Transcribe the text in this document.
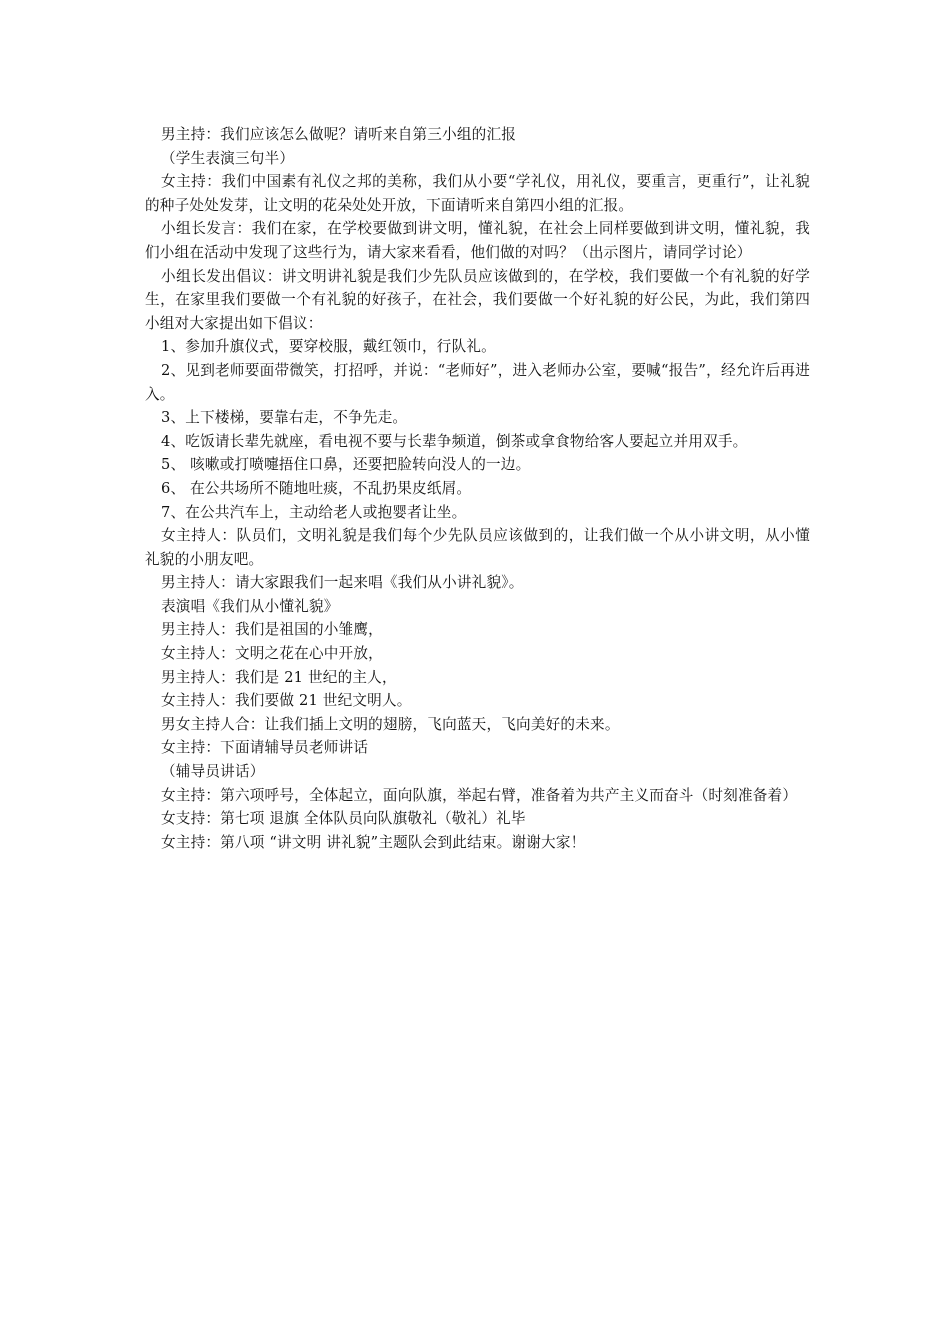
男主持：我们应该怎么做呢？请听来自第三小组的汇报

（学生表演三句半）

女主持：我们中国素有礼仪之邦的美称，我们从小要“学礼仪，用礼仪，要重言，更重行”，让礼貌的种子处处发芽，让文明的花朵处处开放，下面请听来自第四小组的汇报。

小组长发言：我们在家，在学校要做到讲文明，懂礼貌，在社会上同样要做到讲文明，懂礼貌，我们小组在活动中发现了这些行为，请大家来看看，他们做的对吗？（出示图片，请同学讨论）

小组长发出倡议：讲文明讲礼貌是我们少先队员应该做到的，在学校，我们要做一个有礼貌的好学生，在家里我们要做一个有礼貌的好孩子，在社会，我们要做一个好礼貌的好公民，为此，我们第四小组对大家提出如下倡议：

1、参加升旗仪式，要穿校服，戴红领巾，行队礼。

2、见到老师要面带微笑，打招呼，并说：“老师好”，进入老师办公室，要喊“报告”，经允许后再进入。

3、上下楼梯，要靠右走，不争先走。

4、吃饭请长辈先就座，看电视不要与长辈争频道，倒茶或拿食物给客人要起立并用双手。

5、 咳嗽或打喷嚏捂住口鼻，还要把脸转向没人的一边。

6、 在公共场所不随地吐痰，不乱扔果皮纸屑。

7、在公共汽车上，主动给老人或抱婴者让坐。

女主持人：队员们，文明礼貌是我们每个少先队员应该做到的，让我们做一个从小讲文明，从小懂礼貌的小朋友吧。

男主持人：请大家跟我们一起来唱《我们从小讲礼貌》。

表演唱《我们从小懂礼貌》

男主持人：我们是祖国的小雏鹰，

女主持人：文明之花在心中开放，

男主持人：我们是 21 世纪的主人，

女主持人：我们要做 21 世纪文明人。

男女主持人合：让我们插上文明的翅膀，飞向蓝天，飞向美好的未来。

女主持：下面请辅导员老师讲话

（辅导员讲话）

女主持：第六项呼号，全体起立，面向队旗，举起右臂，准备着为共产主义而奋斗（时刻准备着）

女支持：第七项 退旗 全体队员向队旗敬礼（敬礼）礼毕

女主持：第八项 “讲文明 讲礼貌”主题队会到此结束。谢谢大家！
